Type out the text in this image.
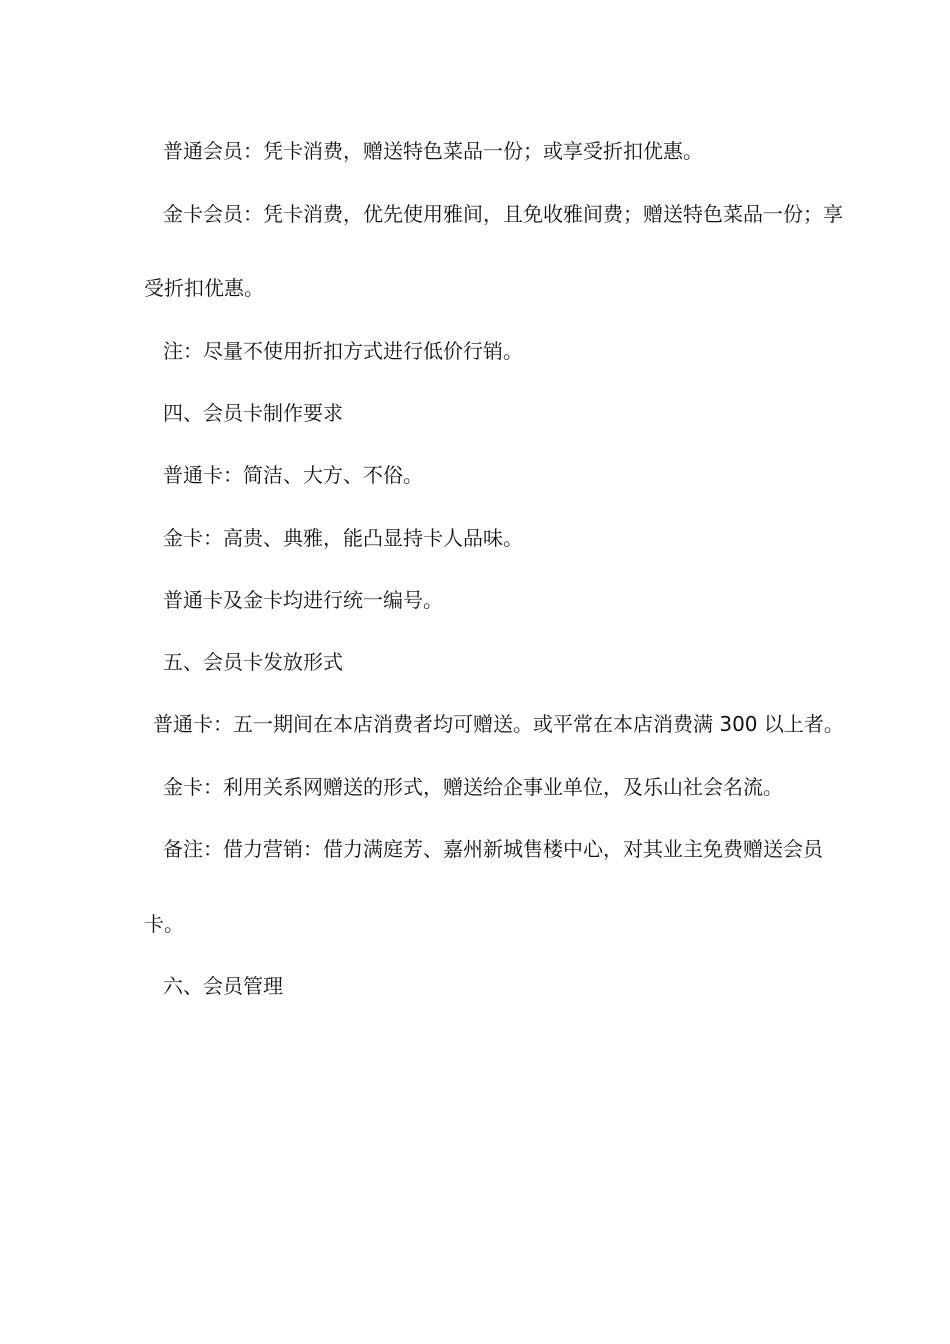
普通会员：凭卡消费，赠送特色菜品一份；或享受折扣优惠。
金卡会员：凭卡消费，优先使用雅间，且免收雅间费；赠送特色菜品一份；享
受折扣优惠。
注：尽量不使用折扣方式进行低价行销。
四、会员卡制作要求
普通卡：简洁、大方、不俗。
金卡：高贵、典雅，能凸显持卡人品味。
普通卡及金卡均进行统一编号。
五、会员卡发放形式
普通卡：五一期间在本店消费者均可赠送。或平常在本店消费满 300 以上者。
金卡：利用关系网赠送的形式，赠送给企事业单位，及乐山社会名流。
备注：借力营销：借力满庭芳、嘉州新城售楼中心，对其业主免费赠送会员
卡。
六、会员管理
